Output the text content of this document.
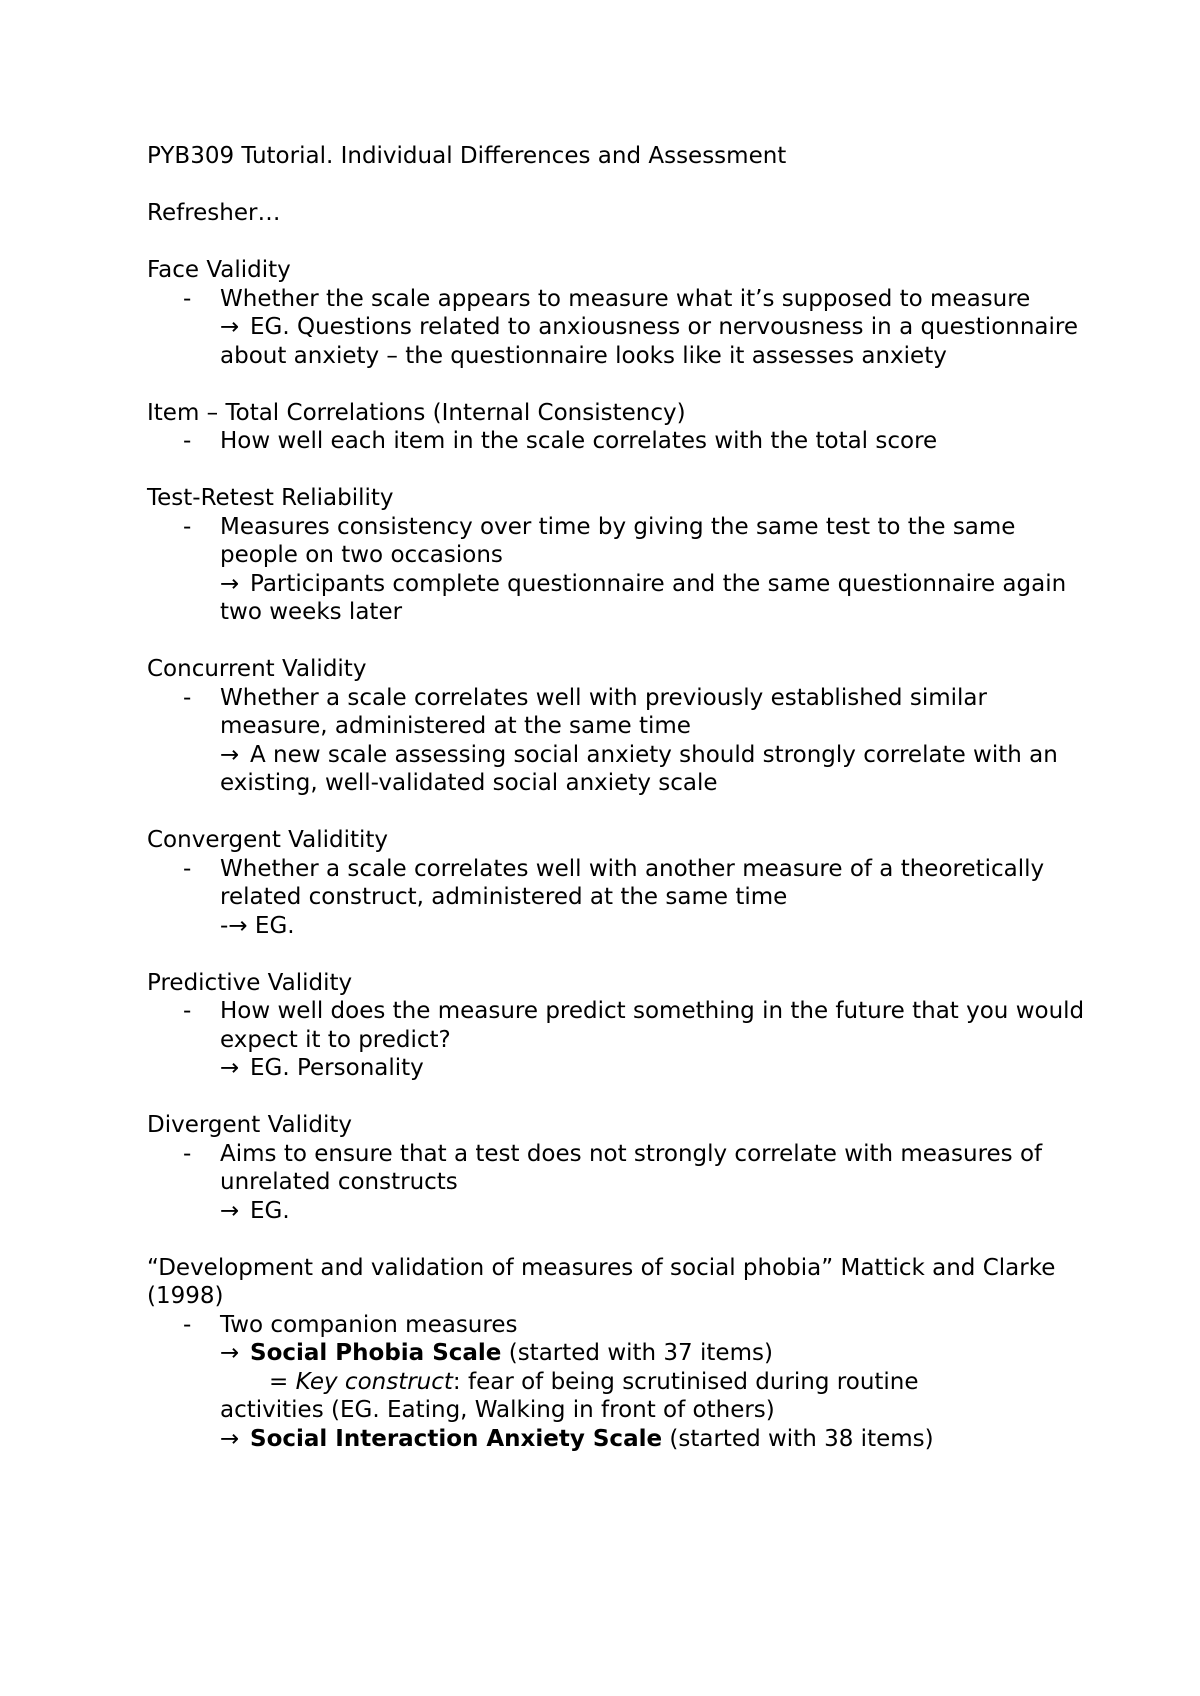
PYB309 Tutorial. Individual Differences and Assessment

Refresher…

Face Validity

- Whether the scale appears to measure what it’s supposed to measure
→ EG. Questions related to anxiousness or nervousness in a questionnaire about anxiety – the questionnaire looks like it assesses anxiety

Item – Total Correlations (Internal Consistency)

- How well each item in the scale correlates with the total score

Test-Retest Reliability

- Measures consistency over time by giving the same test to the same people on two occasions
→ Participants complete questionnaire and the same questionnaire again two weeks later

Concurrent Validity

- Whether a scale correlates well with previously established similar measure, administered at the same time
→ A new scale assessing social anxiety should strongly correlate with an existing, well-validated social anxiety scale

Convergent Validitity

- Whether a scale correlates well with another measure of a theoretically related construct, administered at the same time
-→ EG.

Predictive Validity

- How well does the measure predict something in the future that you would expect it to predict?
→ EG. Personality

Divergent Validity

- Aims to ensure that a test does not strongly correlate with measures of unrelated constructs
→ EG.

“Development and validation of measures of social phobia” Mattick and Clarke (1998)

- Two companion measures
→ Social Phobia Scale (started with 37 items)
= Key construct: fear of being scrutinised during routine
activities (EG. Eating, Walking in front of others)
→ Social Interaction Anxiety Scale (started with 38 items)
